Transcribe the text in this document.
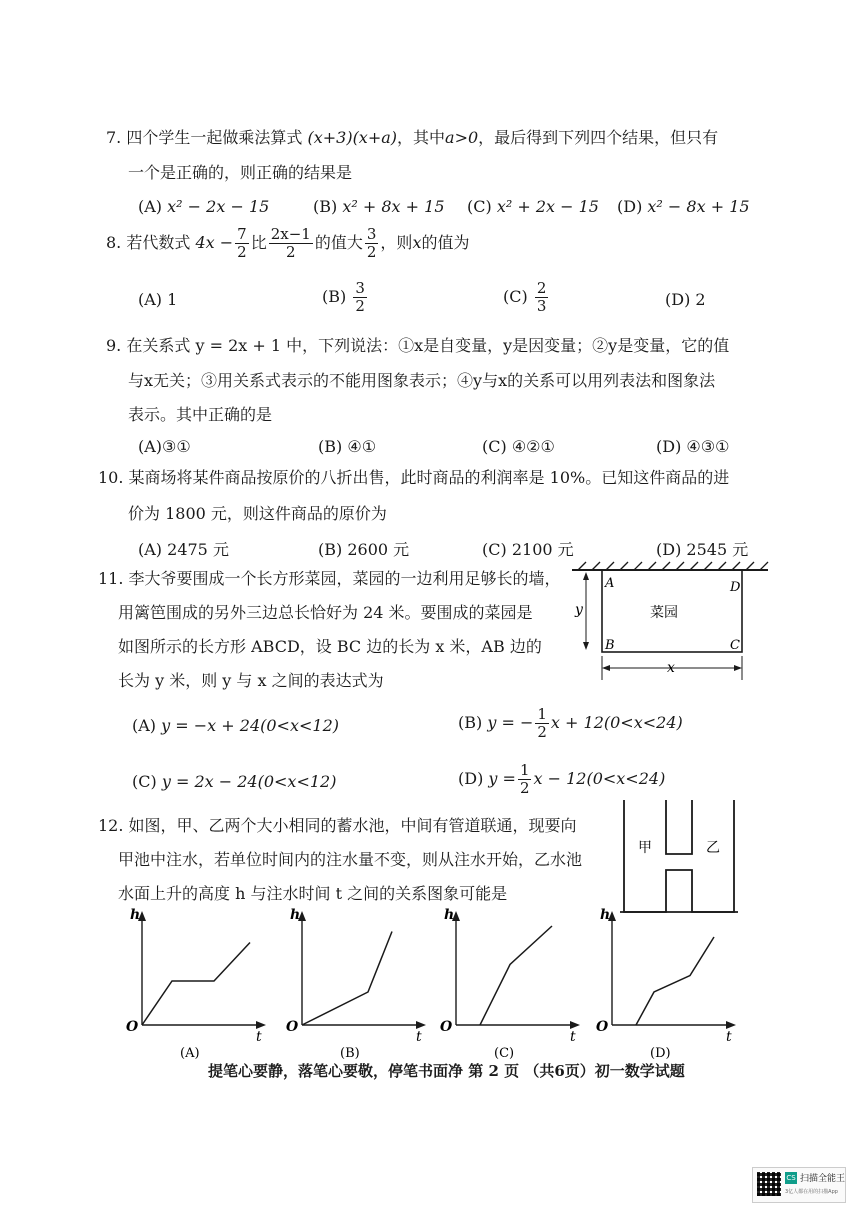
7. 四个学生一起做乘法算式 (x+3)(x+a)，其中a>0，最后得到下列四个结果，但只有
一个是正确的，则正确的结果是
(A) x² − 2x − 15	(B) x² + 8x + 15 (C) x² + 2x − 15 (D) x² − 8x + 15
8. 若代数式 $4x - \frac{7}{2}$ 比 $\frac{2x-1}{2}$ 的值大 $\frac{3}{2}$ ，则x的值为
(A) 1	$(B) \frac{3}{2}$	$(C) \frac{2}{3}$	(D) 2
9. 在关系式 y = 2x + 1 中，下列说法：①x是自变量，y是因变量；②y是变量，它的值
与x无关；③用关系式表示的不能用图象表示；④y与x的关系可以用列表法和图象法
表示。其中正确的是
(A)③①	(B) ④①	(C) ④②①	(D) ④③①
10. 某商场将某件商品按原价的八折出售，此时商品的利润率是 10%。已知这件商品的进
价为 1800 元，则这件商品的原价为
(A) 2475 元	(B) 2600 元	(C) 2100 元	(D) 2545 元
11. 李大爷要围成一个长方形菜园，菜园的一边利用足够长的墙，
用篱笆围成的另外三边总长恰好为 24 米。要围成的菜园是
如图所示的长方形 ABCD，设 BC 边的长为 x 米，AB 边的
长为 y 米，则 y 与 x 之间的表达式为
A	D
B	C
菜园
y
x
(A) y = −x + 24(0<x<12)	(B) y = − $\frac{1}{2}$ x + 12(0<x<24)
(C) y = 2x − 24(0<x<12)	(D) $y = \frac{1}{2}$ x − 12(0<x<24)
12. 如图，甲、乙两个大小相同的蓄水池，中间有管道联通，现要向
甲池中注水，若单位时间内的注水量不变，则从注水开始，乙水池
水面上升的高度 h 与注水时间 t 之间的关系图象可能是
甲	乙
h
t
O
(A)
h
t
O
(B)
h
t
O
(C)
h
t
O
(D)
提笔心要静，落笔心要敬，停笔书面净 第 2 页 （共6页）初一数学试题
CS 扫描全能王
3亿人都在用的扫描App
